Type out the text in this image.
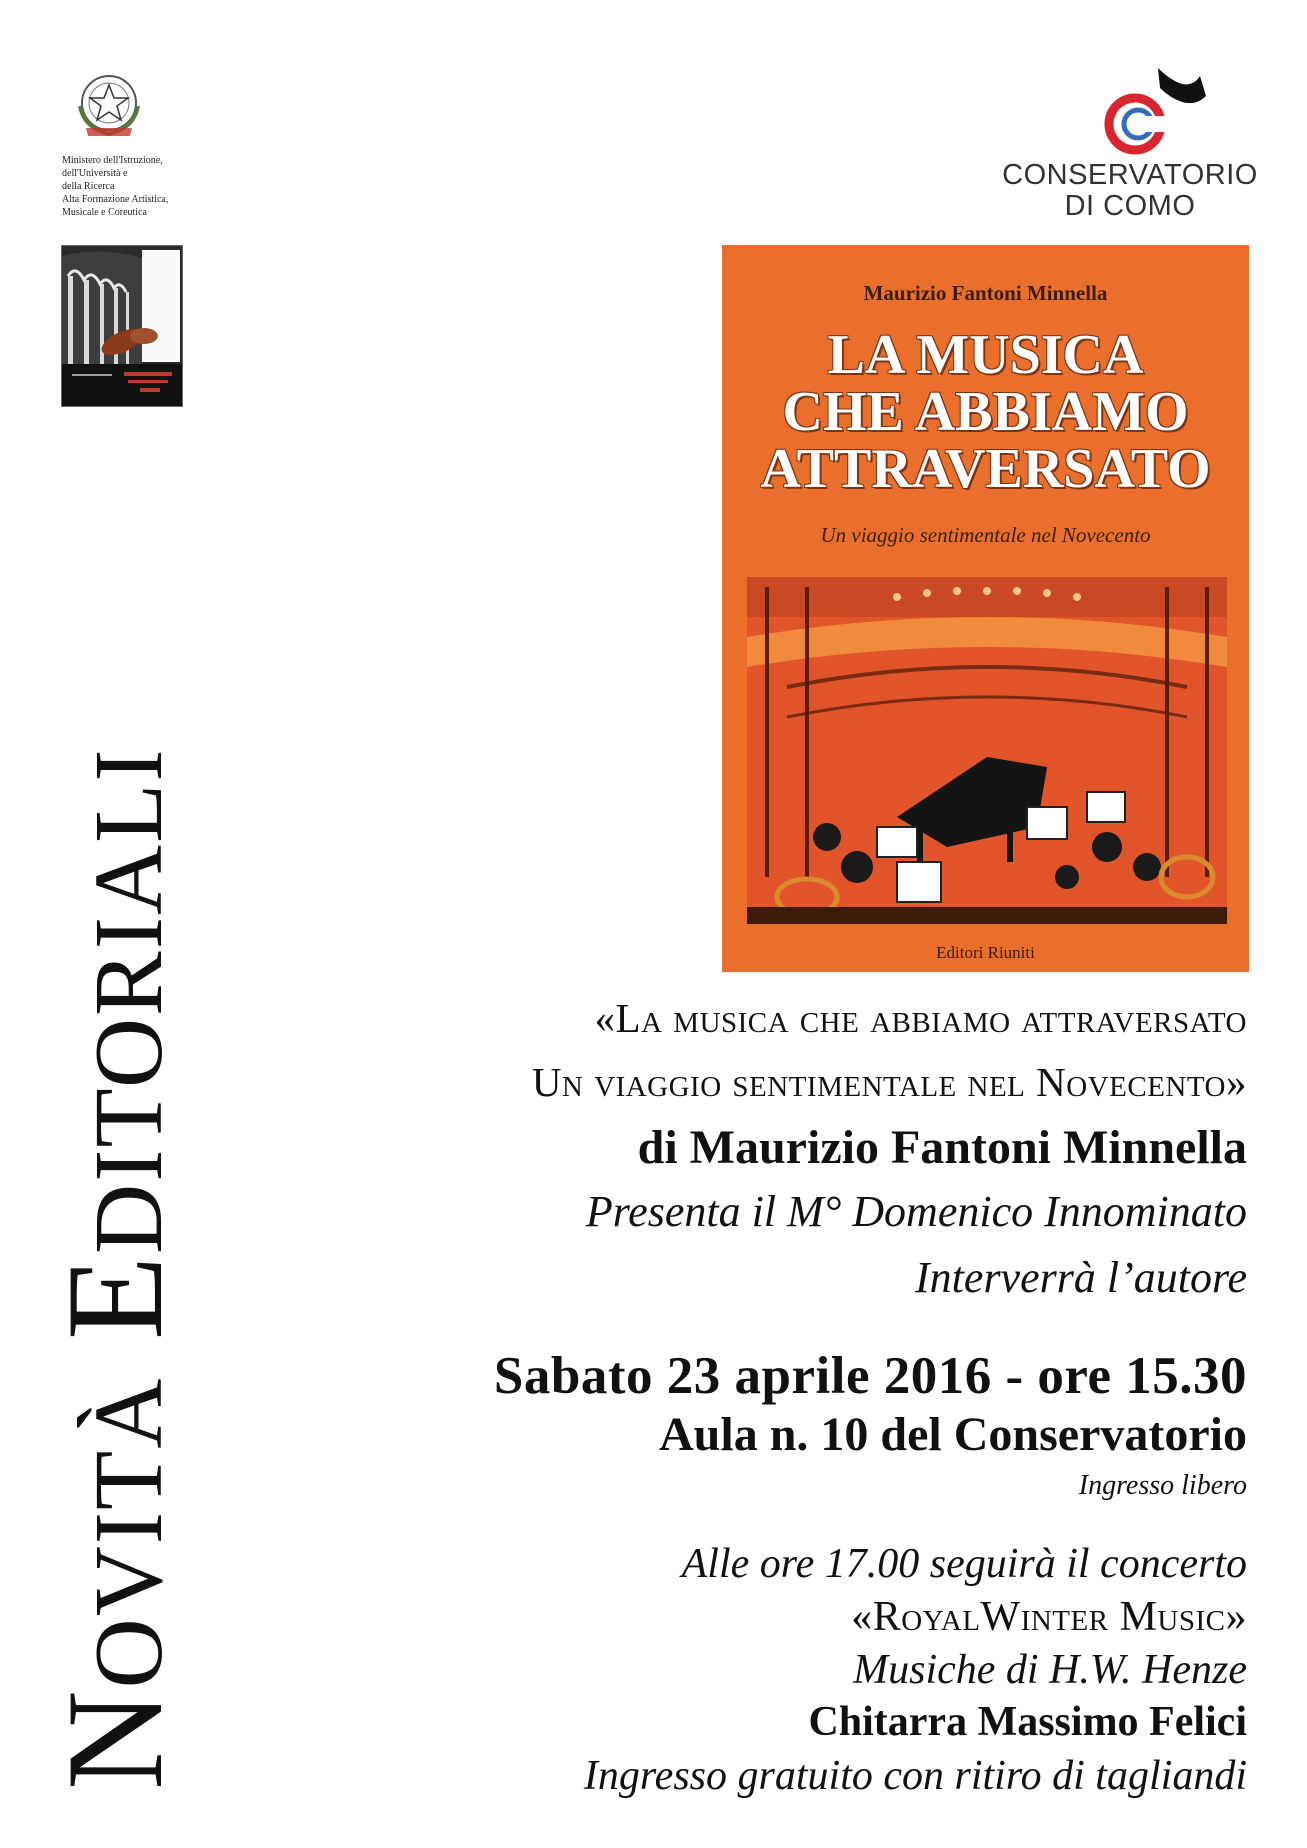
Ministero dell'Istruzione,
dell'Università e
della Ricerca
Alta Formazione Artistica,
Musicale e Coreutica
Novità Editoriali
CONSERVATORIO
DI COMO
Maurizio Fantoni Minnella
LA MUSICA
CHE ABBIAMO
ATTRAVERSATO
Un viaggio sentimentale nel Novecento
Editori Riuniti
«La musica che abbiamo attraversato
Un viaggio sentimentale nel Novecento»
di Maurizio Fantoni Minnella
Presenta il M° Domenico Innominato
Interverrà l’autore
Sabato 23 aprile 2016 - ore 15.30
Aula n. 10 del Conservatorio
Ingresso libero
Alle ore 17.00 seguirà il concerto
«RoyalWinter Music»
Musiche di H.W. Henze
Chitarra Massimo Felici
Ingresso gratuito con ritiro di tagliandi
